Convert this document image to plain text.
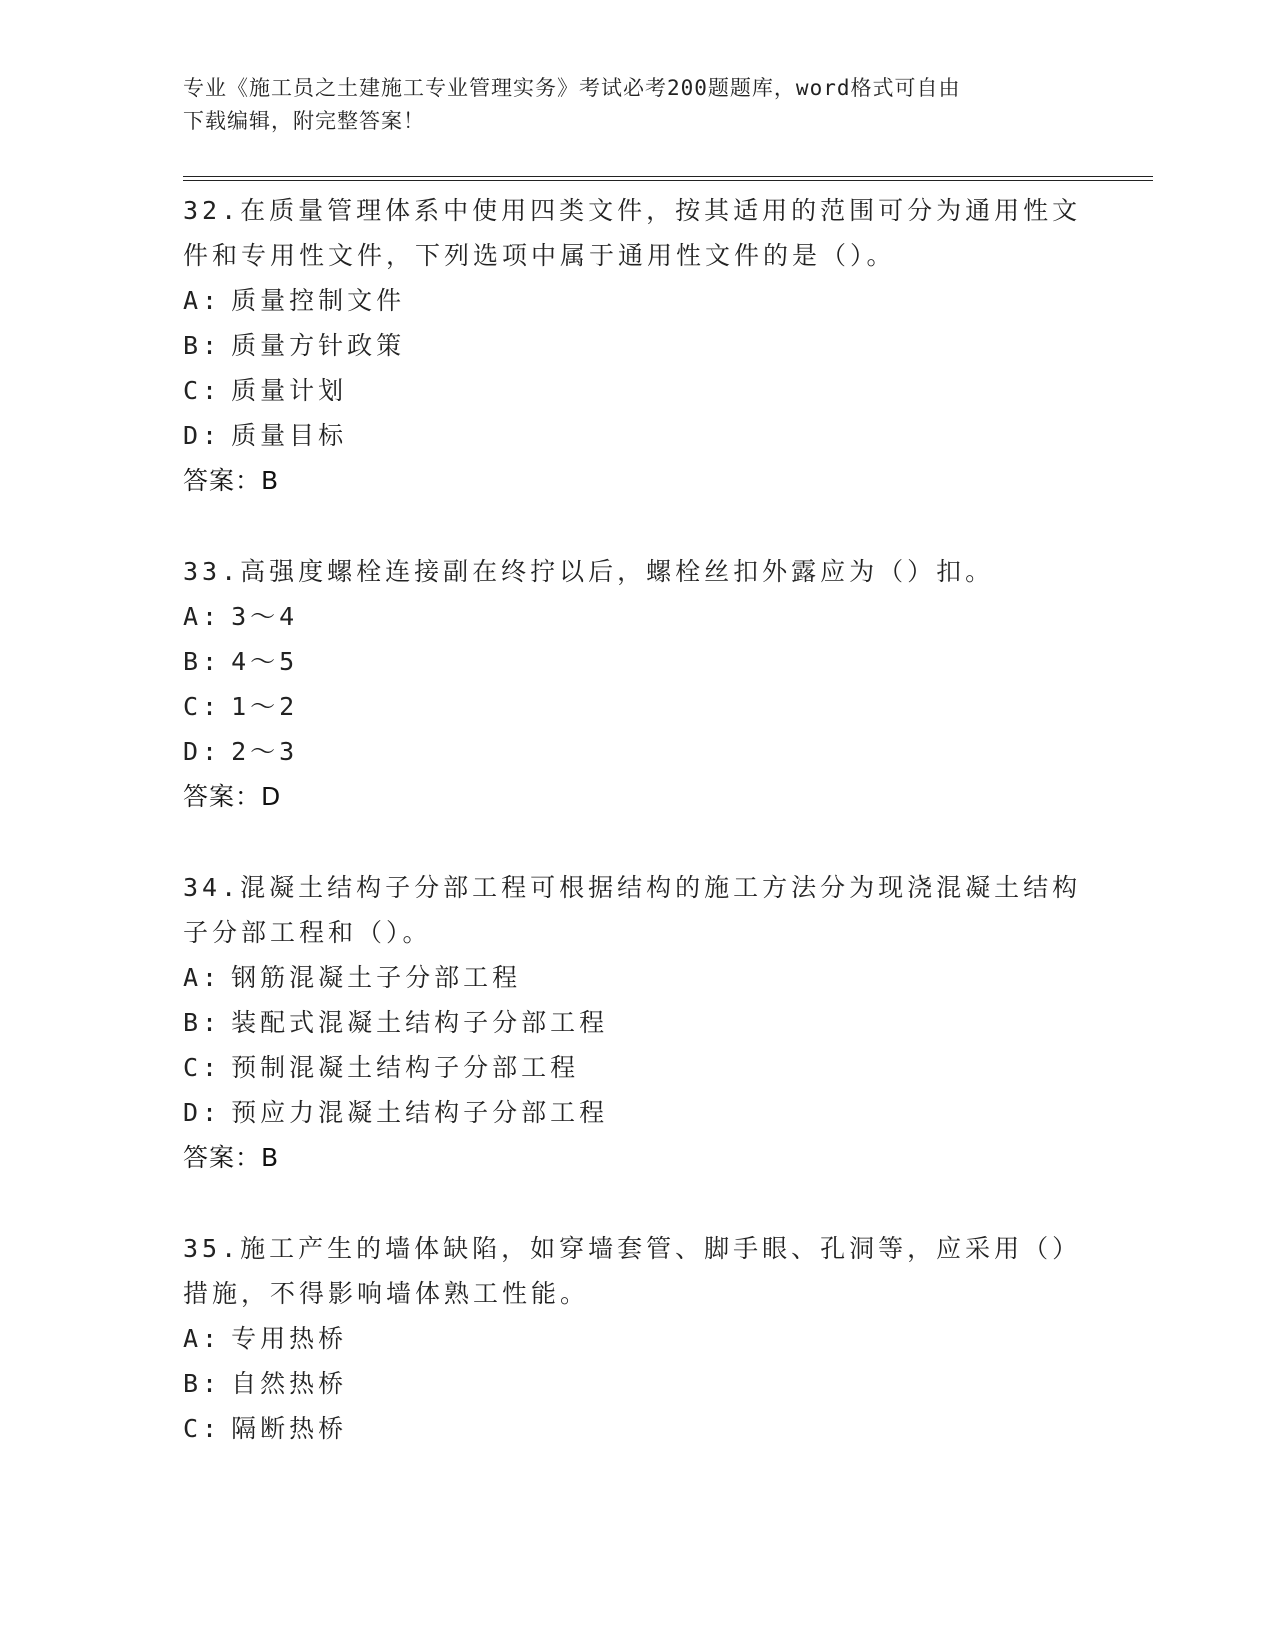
专业《施工员之土建施工专业管理实务》考试必考200题题库，word格式可自由
下载编辑，附完整答案！

32.在质量管理体系中使用四类文件，按其适用的范围可分为通用性文
件和专用性文件，下列选项中属于通用性文件的是（）。

A: 质量控制文件

B: 质量方针政策

C: 质量计划

D: 质量目标

答案：B

33.高强度螺栓连接副在终拧以后，螺栓丝扣外露应为（）扣。

A: 3～4

B: 4～5

C: 1～2

D: 2～3

答案：D

34.混凝土结构子分部工程可根据结构的施工方法分为现浇混凝土结构
子分部工程和（）。

A: 钢筋混凝土子分部工程

B: 装配式混凝土结构子分部工程

C: 预制混凝土结构子分部工程

D: 预应力混凝土结构子分部工程

答案：B

35.施工产生的墙体缺陷，如穿墙套管、脚手眼、孔洞等，应采用（）
措施，不得影响墙体熟工性能。

A: 专用热桥

B: 自然热桥

C: 隔断热桥
